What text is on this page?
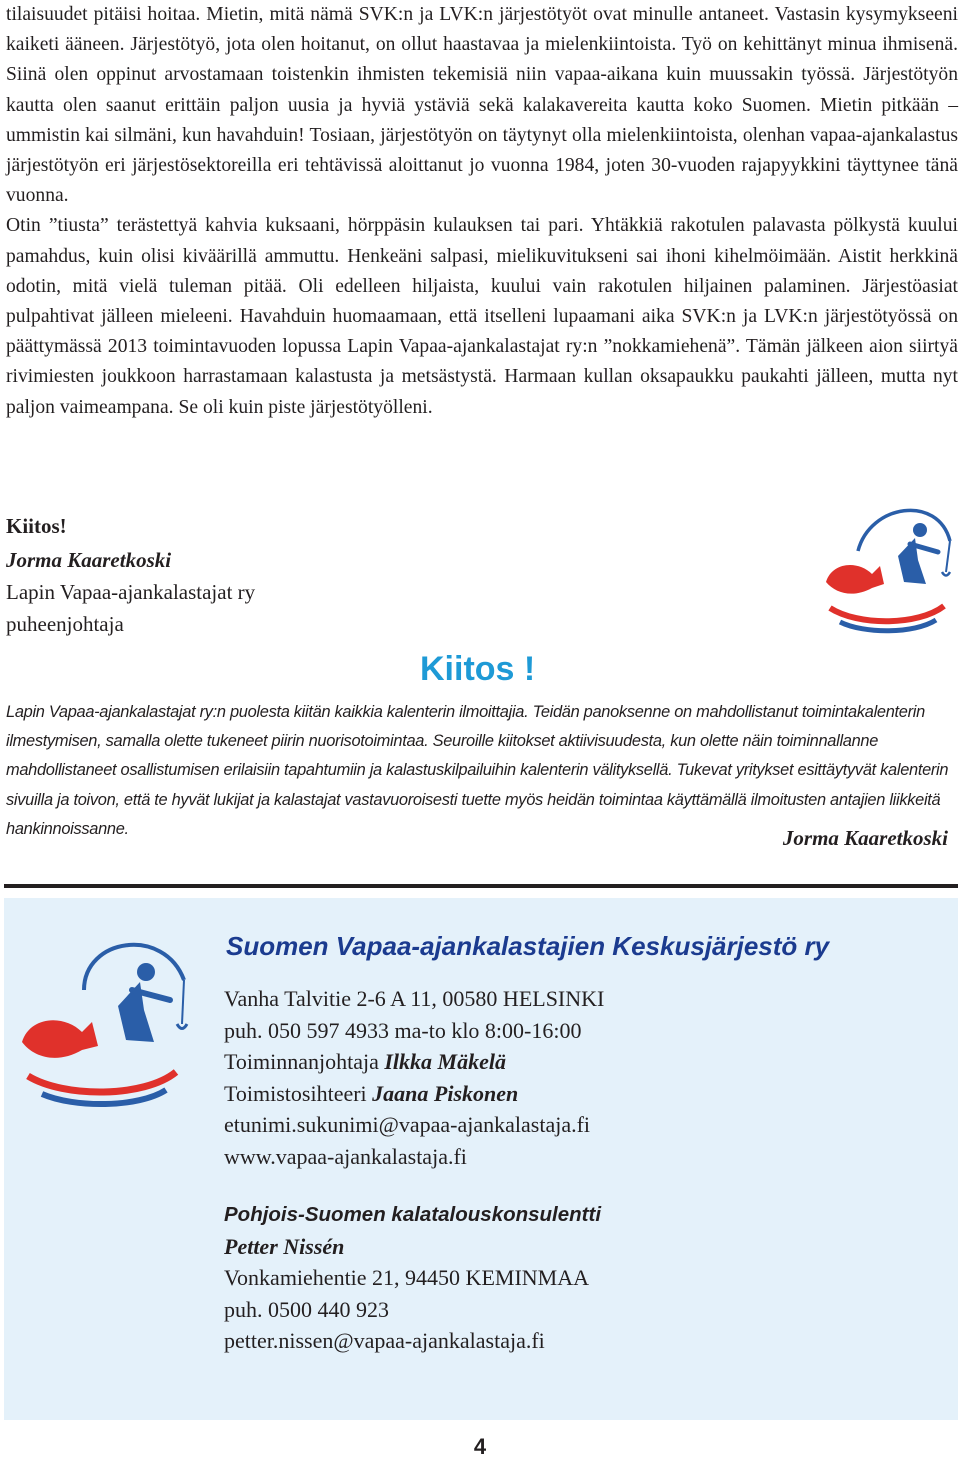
tilaisuudet pitäisi hoitaa. Mietin, mitä nämä SVK:n ja LVK:n järjestötyöt ovat minulle antaneet. Vastasin kysymykseeni kaiketi ääneen. Järjestötyö, jota olen hoitanut, on ollut haastavaa ja mielenkiintoista. Työ on kehittänyt minua ihmisenä. Siinä olen oppinut arvostamaan toistenkin ihmisten tekemisiä niin vapaa-aikana kuin muussakin työssä. Järjestötyön kautta olen saanut erittäin paljon uusia ja hyviä ystäviä sekä kalakavereita kautta koko Suomen. Mietin pitkään – ummistin kai silmäni, kun havahduin! Tosiaan, järjestötyön on täytynyt olla mielenkiintoista, olenhan vapaa-ajankalastus järjestötyön eri järjestösektoreilla eri tehtävissä aloittanut jo vuonna 1984, joten 30-vuoden rajapyykkini täyttynee tänä vuonna.

Otin ”tiusta” terästettyä kahvia kuksaani, hörppäsin kulauksen tai pari. Yhtäkkiä rakotulen palavasta pölkystä kuului pamahdus, kuin olisi kiväärillä ammuttu. Henkeäni salpasi, mielikuvitukseni sai ihoni kihelmöimään. Aistit herkkinä odotin, mitä vielä tuleman pitää. Oli edelleen hiljaista, kuului vain rakotulen hiljainen palaminen. Järjestöasiat pulpahtivat jälleen mieleeni. Havahduin huomaamaan, että itselleni lupaamani aika SVK:n ja LVK:n järjestötyössä on päättymässä 2013 toimintavuoden lopussa Lapin Vapaa-ajankalastajat ry:n ”nokkamiehenä”. Tämän jälkeen aion siirtyä rivimiesten joukkoon harrastamaan kalastusta ja metsästystä. Harmaan kullan oksapaukku paukahti jälleen, mutta nyt paljon vaimeampana. Se oli kuin piste järjestötyölleni.

Kiitos!
Jorma Kaaretkoski
Lapin Vapaa-ajankalastajat ry
puheenjohtaja
Kiitos !
Lapin Vapaa-ajankalastajat ry:n puolesta kiitän kaikkia kalenterin ilmoittajia. Teidän panoksenne on mahdollistanut toimintakalenterin ilmestymisen, samalla olette tukeneet piirin nuorisotoimintaa. Seuroille kiitokset aktiivisuudesta, kun olette näin toiminnallanne mahdollistaneet osallistumisen erilaisiin tapahtumiin ja kalastuskilpailuihin kalenterin välityksellä. Tukevat yritykset esittäytyvät kalenterin sivuilla ja toivon, että te hyvät lukijat ja kalastajat vastavuoroisesti tuette myös heidän toimintaa käyttämällä ilmoitusten antajien liikkeitä hankinnoissanne.	Jorma Kaaretkoski
Suomen Vapaa-ajankalastajien Keskusjärjestö ry
Vanha Talvitie 2-6 A 11, 00580 HELSINKI
puh. 050 597 4933 ma-to klo 8:00-16:00
Toiminnanjohtaja Ilkka Mäkelä
Toimistosihteeri Jaana Piskonen
etunimi.sukunimi@vapaa-ajankalastaja.fi
www.vapaa-ajankalastaja.fi
Pohjois-Suomen kalatalouskonsulentti
Petter Nissén
Vonkamiehentie 21, 94450 KEMINMAA
puh. 0500 440 923
petter.nissen@vapaa-ajankalastaja.fi
4
